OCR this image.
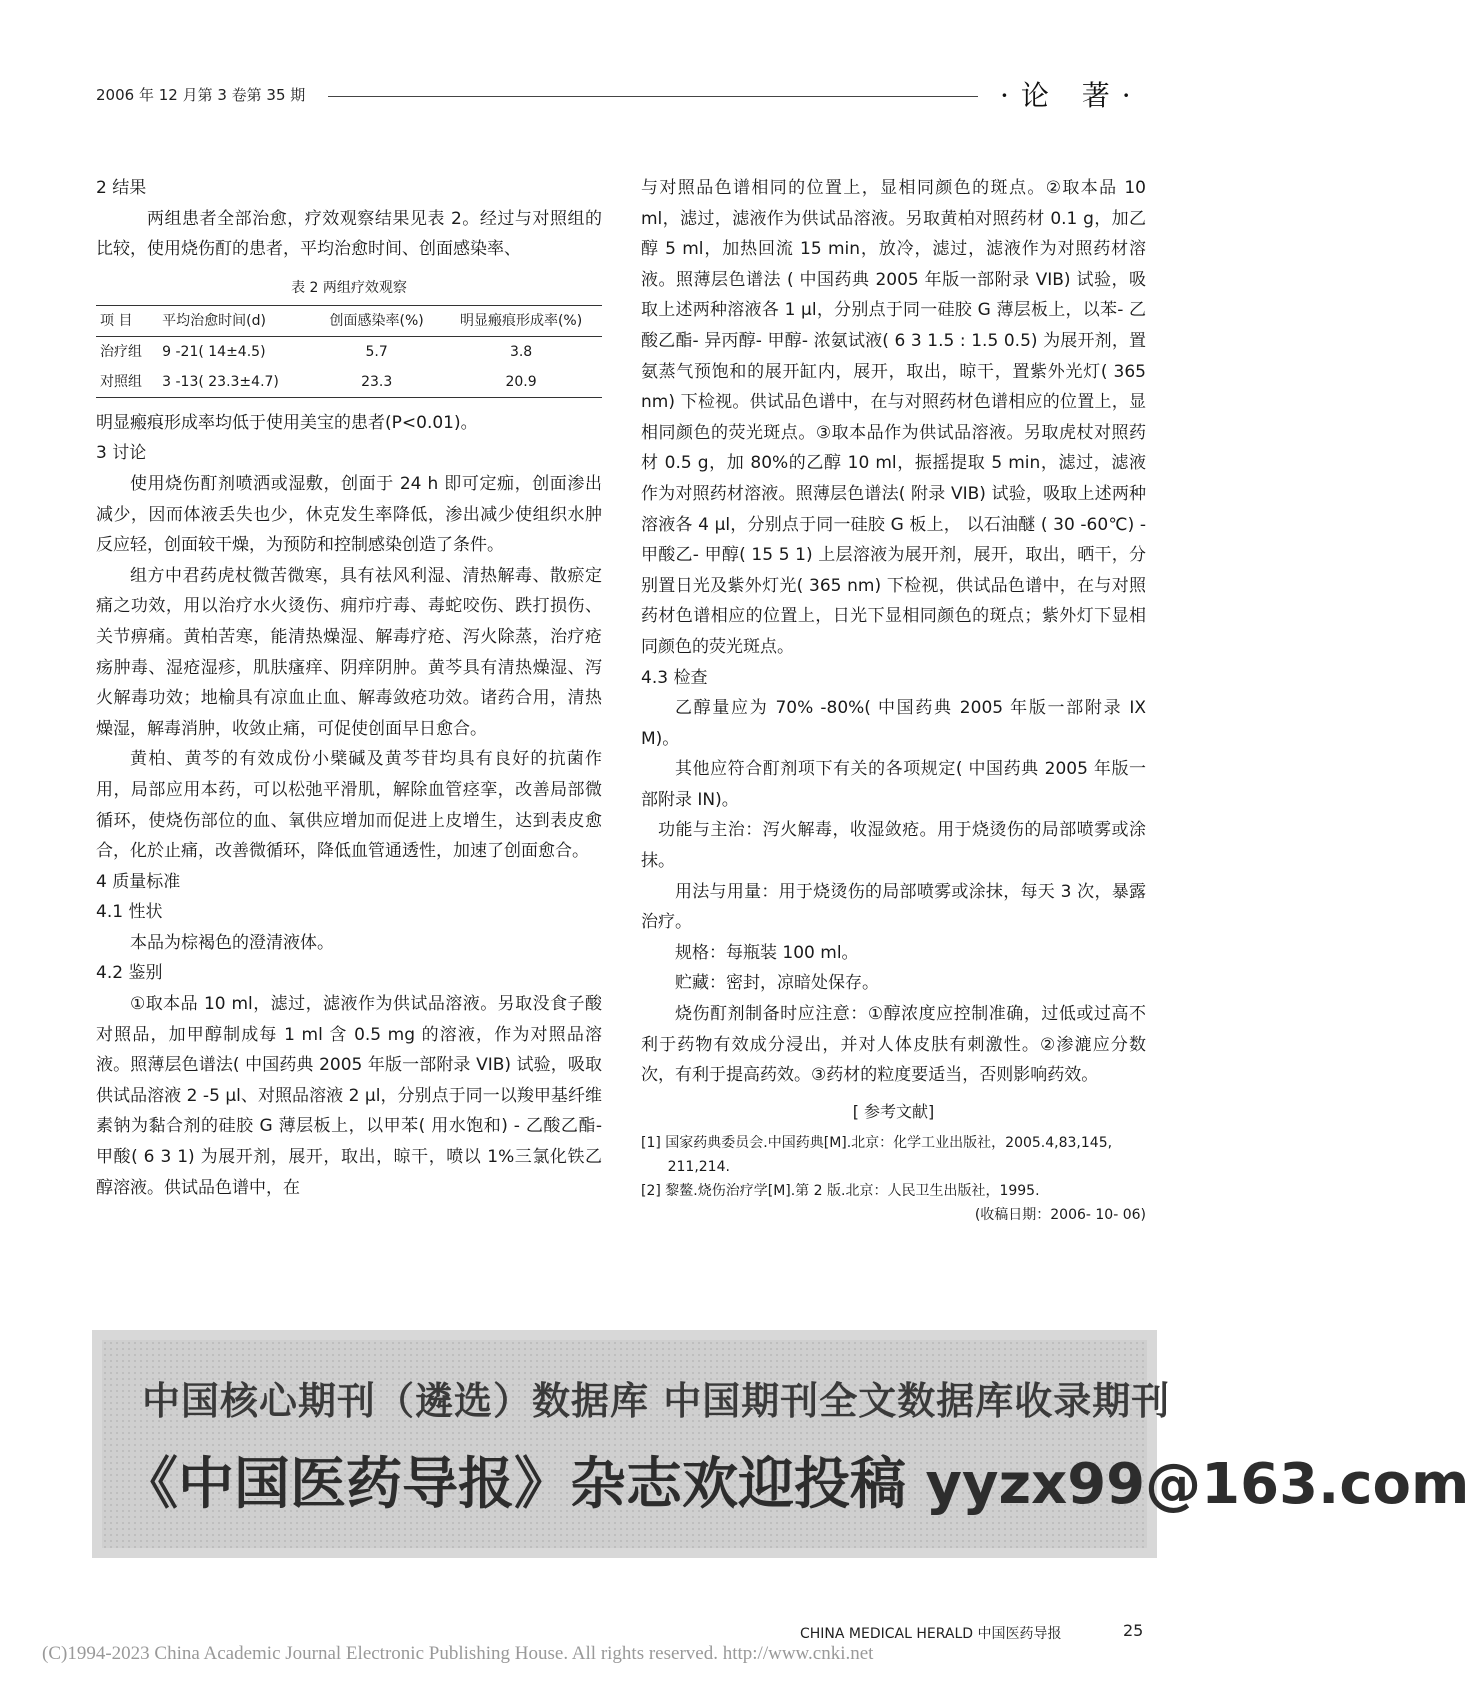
2006 年 12 月第 3 卷第 35 期	·论 著·

2 结果

两组患者全部治愈，疗效观察结果见表 2。经过与对照组的比较，使用烧伤酊的患者，平均治愈时间、创面感染率、

表 2 两组疗效观察
项 目	平均治愈时间(d)	创面感染率(%)	明显瘢痕形成率(%)
治疗组	9 -21( 14±4.5)	5.7	3.8
对照组	3 -13( 23.3±4.7)	23.3	20.9

明显瘢痕形成率均低于使用美宝的患者(P<0.01)。

3 讨论

使用烧伤酊剂喷洒或湿敷，创面于 24 h 即可定痂，创面渗出减少，因而体液丢失也少，休克发生率降低，渗出减少使组织水肿反应轻，创面较干燥，为预防和控制感染创造了条件。

组方中君药虎杖微苦微寒，具有祛风利湿、清热解毒、散瘀定痛之功效，用以治疗水火烫伤、痈疖疔毒、毒蛇咬伤、跌打损伤、关节痹痛。黄柏苦寒，能清热燥湿、解毒疗疮、泻火除蒸，治疗疮疡肿毒、湿疮湿疹，肌肤瘙痒、阴痒阴肿。黄芩具有清热燥湿、泻火解毒功效；地榆具有凉血止血、解毒敛疮功效。诸药合用，清热燥湿，解毒消肿，收敛止痛，可促使创面早日愈合。

黄柏、黄芩的有效成份小檗碱及黄芩苷均具有良好的抗菌作用，局部应用本药，可以松弛平滑肌，解除血管痉挛，改善局部微循环，使烧伤部位的血、氧供应增加而促进上皮增生，达到表皮愈合，化於止痛，改善微循环，降低血管通透性，加速了创面愈合。

4 质量标准

4.1 性状

本品为棕褐色的澄清液体。

4.2 鉴别

①取本品 10 ml，滤过，滤液作为供试品溶液。另取没食子酸对照品，加甲醇制成每 1 ml 含 0.5 mg 的溶液，作为对照品溶液。照薄层色谱法( 中国药典 2005 年版一部附录 VIB) 试验，吸取供试品溶液 2 -5 μl、对照品溶液 2 μl，分别点于同一以羧甲基纤维素钠为黏合剂的硅胶 G 薄层板上，以甲苯( 用水饱和) - 乙酸乙酯- 甲酸( 6 3 1) 为展开剂，展开，取出，晾干，喷以 1%三氯化铁乙醇溶液。供试品色谱中，在

与对照品色谱相同的位置上，显相同颜色的斑点。②取本品 10 ml，滤过，滤液作为供试品溶液。另取黄柏对照药材 0.1 g，加乙醇 5 ml，加热回流 15 min，放冷，滤过，滤液作为对照药材溶液。照薄层色谱法 ( 中国药典 2005 年版一部附录 VIB) 试验，吸取上述两种溶液各 1 μl，分别点于同一硅胶 G 薄层板上，以苯- 乙酸乙酯- 异丙醇- 甲醇- 浓氨试液( 6 3 1.5 : 1.5 0.5) 为展开剂，置氨蒸气预饱和的展开缸内，展开，取出，晾干，置紫外光灯( 365 nm) 下检视。供试品色谱中，在与对照药材色谱相应的位置上，显相同颜色的荧光斑点。③取本品作为供试品溶液。另取虎杖对照药材 0.5 g，加 80%的乙醇 10 ml，振摇提取 5 min，滤过，滤液作为对照药材溶液。照薄层色谱法( 附录 VIB) 试验，吸取上述两种溶液各 4 μl，分别点于同一硅胶 G 板上， 以石油醚 ( 30 -60℃) - 甲酸乙- 甲醇( 15 5 1) 上层溶液为展开剂，展开，取出，晒干，分别置日光及紫外灯光( 365 nm) 下检视，供试品色谱中，在与对照药材色谱相应的位置上，日光下显相同颜色的斑点；紫外灯下显相同颜色的荧光斑点。

4.3 检查

乙醇量应为 70% -80%( 中国药典 2005 年版一部附录 IX M)。

其他应符合酊剂项下有关的各项规定( 中国药典 2005 年版一部附录 IN)。

功能与主治：泻火解毒，收湿敛疮。用于烧烫伤的局部喷雾或涂抹。

用法与用量：用于烧烫伤的局部喷雾或涂抹，每天 3 次，暴露治疗。

规格：每瓶装 100 ml。

贮藏：密封，凉暗处保存。

烧伤酊剂制备时应注意：①醇浓度应控制准确，过低或过高不利于药物有效成分浸出，并对人体皮肤有刺激性。②渗漉应分数次，有利于提高药效。③药材的粒度要适当，否则影响药效。

[ 参考文献]
[1] 国家药典委员会.中国药典[M].北京：化学工业出版社，2005.4,83,145, 211,214.
[2] 黎鳌.烧伤治疗学[M].第 2 版.北京：人民卫生出版社，1995.
(收稿日期：2006- 10- 06)
中国核心期刊（遴选）数据库 中国期刊全文数据库收录期刊
《中国医药导报》杂志欢迎投稿 yyzx99@163.com
CHINA MEDICAL HERALD 中国医药导报	25
(C)1994-2023 China Academic Journal Electronic Publishing House. All rights reserved. http://www.cnki.net
